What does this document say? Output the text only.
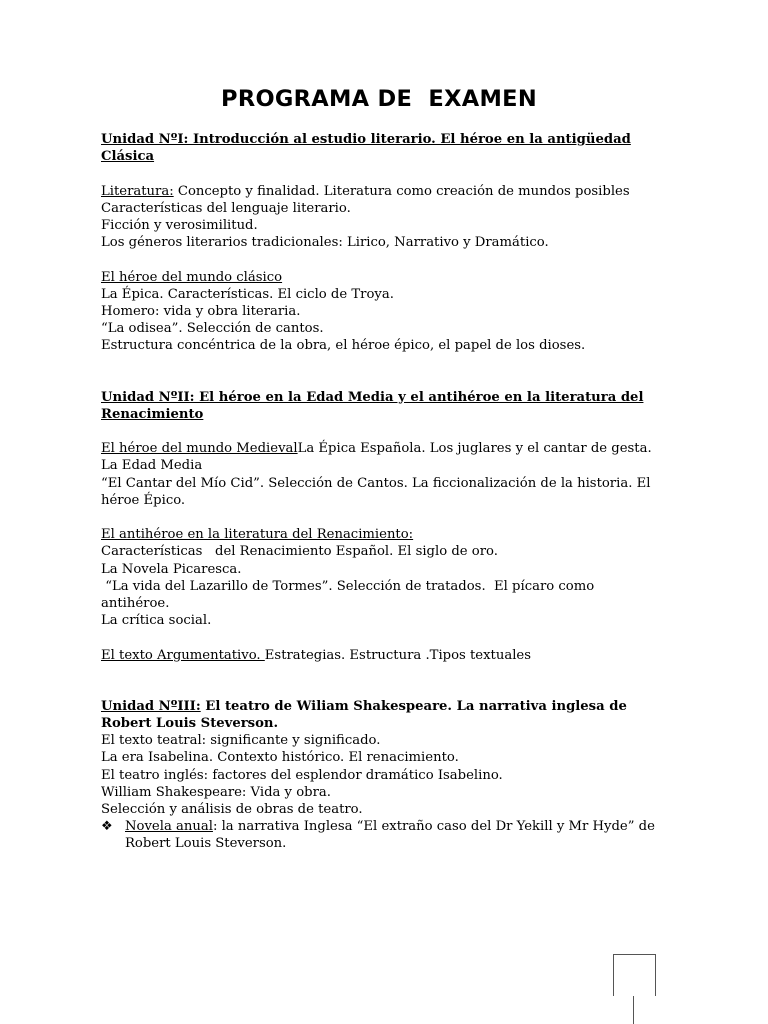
PROGRAMA DE  EXAMEN

Unidad NºI: Introducción al estudio literario. El héroe en la antigüedad Clásica

Literatura: Concepto y finalidad. Literatura como creación de mundos posibles

Características del lenguaje literario.

Ficción y verosimilitud.

Los géneros literarios tradicionales: Lirico, Narrativo y Dramático.

El héroe del mundo clásico

La Épica. Características. El ciclo de Troya.

Homero: vida y obra literaria.

“La odisea”. Selección de cantos.

Estructura concéntrica de la obra, el héroe épico, el papel de los dioses.

Unidad NºII: El héroe en la Edad Media y el antihéroe en la literatura del Renacimiento

El héroe del mundo MedievalLa Épica Española. Los juglares y el cantar de gesta. La Edad Media

“El Cantar del Mío Cid”. Selección de Cantos. La ficcionalización de la historia. El héroe Épico.

El antihéroe en la literatura del Renacimiento:

Características   del Renacimiento Español. El siglo de oro.

La Novela Picaresca.

“La vida del Lazarillo de Tormes”. Selección de tratados.  El pícaro como antihéroe.

La crítica social.

El texto Argumentativo. Estrategias. Estructura .Tipos textuales

Unidad NºIII: El teatro de Wiliam Shakespeare. La narrativa inglesa de Robert Louis Steverson.

El texto teatral: significante y significado.

La era Isabelina. Contexto histórico. El renacimiento.

El teatro inglés: factores del esplendor dramático Isabelino.

William Shakespeare: Vida y obra.

Selección y análisis de obras de teatro.

❖ Novela anual: la narrativa Inglesa “El extraño caso del Dr Yekill y Mr Hyde” de Robert Louis Steverson.
